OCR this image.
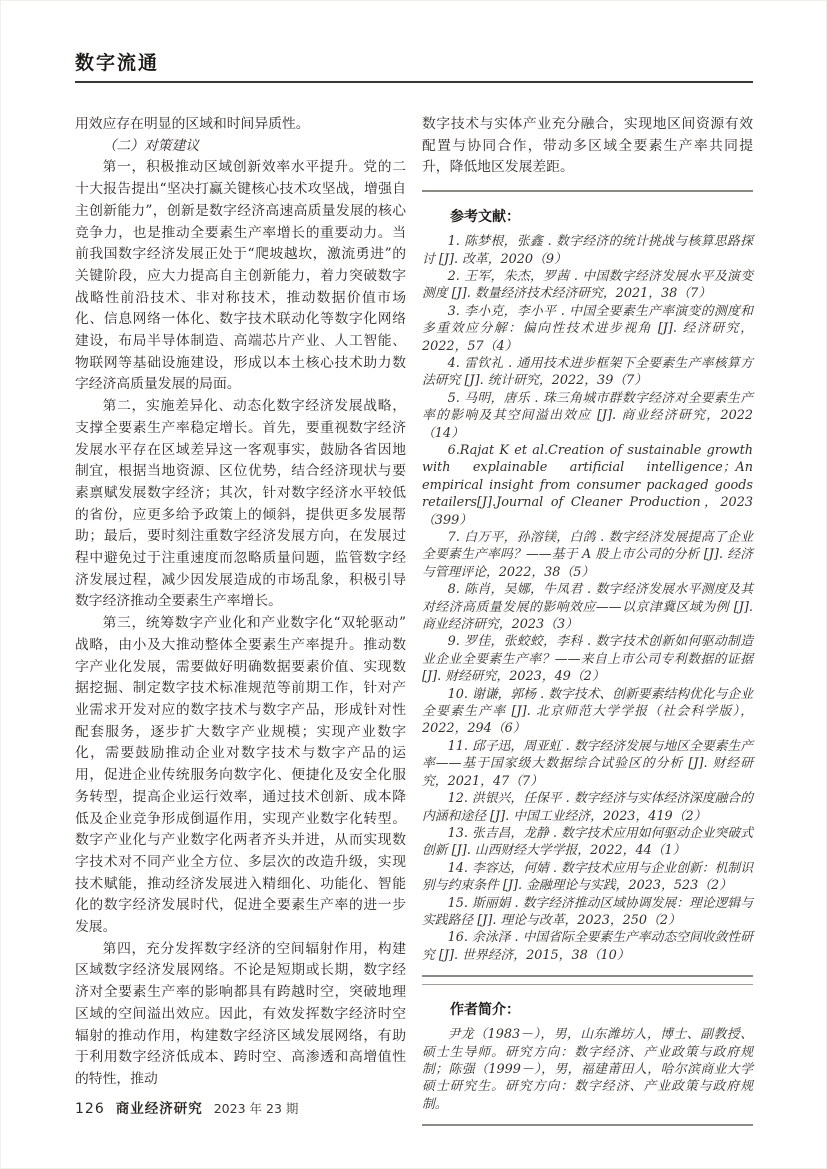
数字流通

用效应存在明显的区域和时间异质性。

（二）对策建议

第一，积极推动区域创新效率水平提升。党的二十大报告提出“坚决打赢关键核心技术攻坚战，增强自主创新能力”，创新是数字经济高速高质量发展的核心竞争力，也是推动全要素生产率增长的重要动力。当前我国数字经济发展正处于“爬坡越坎，激流勇进”的关键阶段，应大力提高自主创新能力，着力突破数字战略性前沿技术、非对称技术，推动数据价值市场化、信息网络一体化、数字技术联动化等数字化网络建设，布局半导体制造、高端芯片产业、人工智能、物联网等基础设施建设，形成以本土核心技术助力数字经济高质量发展的局面。

第二，实施差异化、动态化数字经济发展战略，支撑全要素生产率稳定增长。首先，要重视数字经济发展水平存在区域差异这一客观事实，鼓励各省因地制宜，根据当地资源、区位优势，结合经济现状与要素禀赋发展数字经济；其次，针对数字经济水平较低的省份，应更多给予政策上的倾斜，提供更多发展帮助；最后，要时刻注重数字经济发展方向，在发展过程中避免过于注重速度而忽略质量问题，监管数字经济发展过程，减少因发展造成的市场乱象，积极引导数字经济推动全要素生产率增长。

第三，统筹数字产业化和产业数字化“双轮驱动”战略，由小及大推动整体全要素生产率提升。推动数字产业化发展，需要做好明确数据要素价值、实现数据挖掘、制定数字技术标准规范等前期工作，针对产业需求开发对应的数字技术与数字产品，形成针对性配套服务，逐步扩大数字产业规模；实现产业数字化，需要鼓励推动企业对数字技术与数字产品的运用，促进企业传统服务向数字化、便捷化及安全化服务转型，提高企业运行效率，通过技术创新、成本降低及企业竞争形成倒逼作用，实现产业数字化转型。数字产业化与产业数字化两者齐头并进，从而实现数字技术对不同产业全方位、多层次的改造升级，实现技术赋能，推动经济发展进入精细化、功能化、智能化的数字经济发展时代，促进全要素生产率的进一步发展。

第四，充分发挥数字经济的空间辐射作用，构建区域数字经济发展网络。不论是短期或长期，数字经济对全要素生产率的影响都具有跨越时空，突破地理区域的空间溢出效应。因此，有效发挥数字经济时空辐射的推动作用，构建数字经济区域发展网络，有助于利用数字经济低成本、跨时空、高渗透和高增值性的特性，推动

数字技术与实体产业充分融合，实现地区间资源有效配置与协同合作，带动多区域全要素生产率共同提升，降低地区发展差距。

参考文献：

1. 陈梦根，张鑫 . 数字经济的统计挑战与核算思路探讨 [J]. 改革，2020（9）

2. 王军，朱杰，罗茜 . 中国数字经济发展水平及演变测度 [J]. 数量经济技术经济研究，2021，38（7）

3. 李小克，李小平 . 中国全要素生产率演变的测度和多重效应分解：偏向性技术进步视角 [J]. 经济研究，2022，57（4）

4. 雷钦礼 . 通用技术进步框架下全要素生产率核算方法研究 [J]. 统计研究，2022，39（7）

5. 马明，唐乐 . 珠三角城市群数字经济对全要素生产率的影响及其空间溢出效应 [J]. 商业经济研究，2022（14）

6.Rajat K et al.Creation of sustainable growth with explainable artificial intelligence；An empirical insight from consumer packaged goods retailers[J].Journal of Cleaner Production，2023（399）

7. 白万平，孙溶镁，白鸽 . 数字经济发展提高了企业全要素生产率吗？——基于 A 股上市公司的分析 [J]. 经济与管理评论，2022，38（5）

8. 陈肖，吴娜，牛凤君 . 数字经济发展水平测度及其对经济高质量发展的影响效应——以京津冀区域为例 [J]. 商业经济研究，2023（3）

9. 罗佳，张蛟蛟，李科 . 数字技术创新如何驱动制造业企业全要素生产率？——来自上市公司专利数据的证据 [J]. 财经研究，2023，49（2）

10. 谢谦，郭杨 . 数字技术、创新要素结构优化与企业全要素生产率 [J]. 北京师范大学学报（社会科学版），2022，294（6）

11. 邱子迅，周亚虹 . 数字经济发展与地区全要素生产率——基于国家级大数据综合试验区的分析 [J]. 财经研究，2021，47（7）

12. 洪银兴，任保平 . 数字经济与实体经济深度融合的内涵和途径 [J]. 中国工业经济，2023，419（2）

13. 张吉昌，龙静 . 数字技术应用如何驱动企业突破式创新 [J]. 山西财经大学学报，2022，44（1）

14. 李容达，何婧 . 数字技术应用与企业创新：机制识别与约束条件 [J]. 金融理论与实践，2023，523（2）

15. 斯丽娟 . 数字经济推动区域协调发展：理论逻辑与实践路径 [J]. 理论与改革，2023，250（2）

16. 余泳泽 . 中国省际全要素生产率动态空间收敛性研究 [J]. 世界经济，2015，38（10）

作者简介：

尹龙（1983－），男，山东潍坊人，博士、副教授、硕士生导师。研究方向：数字经济、产业政策与政府规制；陈强（1999－），男，福建莆田人，哈尔滨商业大学硕士研究生。研究方向：数字经济、产业政策与政府规制。

126 商业经济研究 2023 年 23 期
